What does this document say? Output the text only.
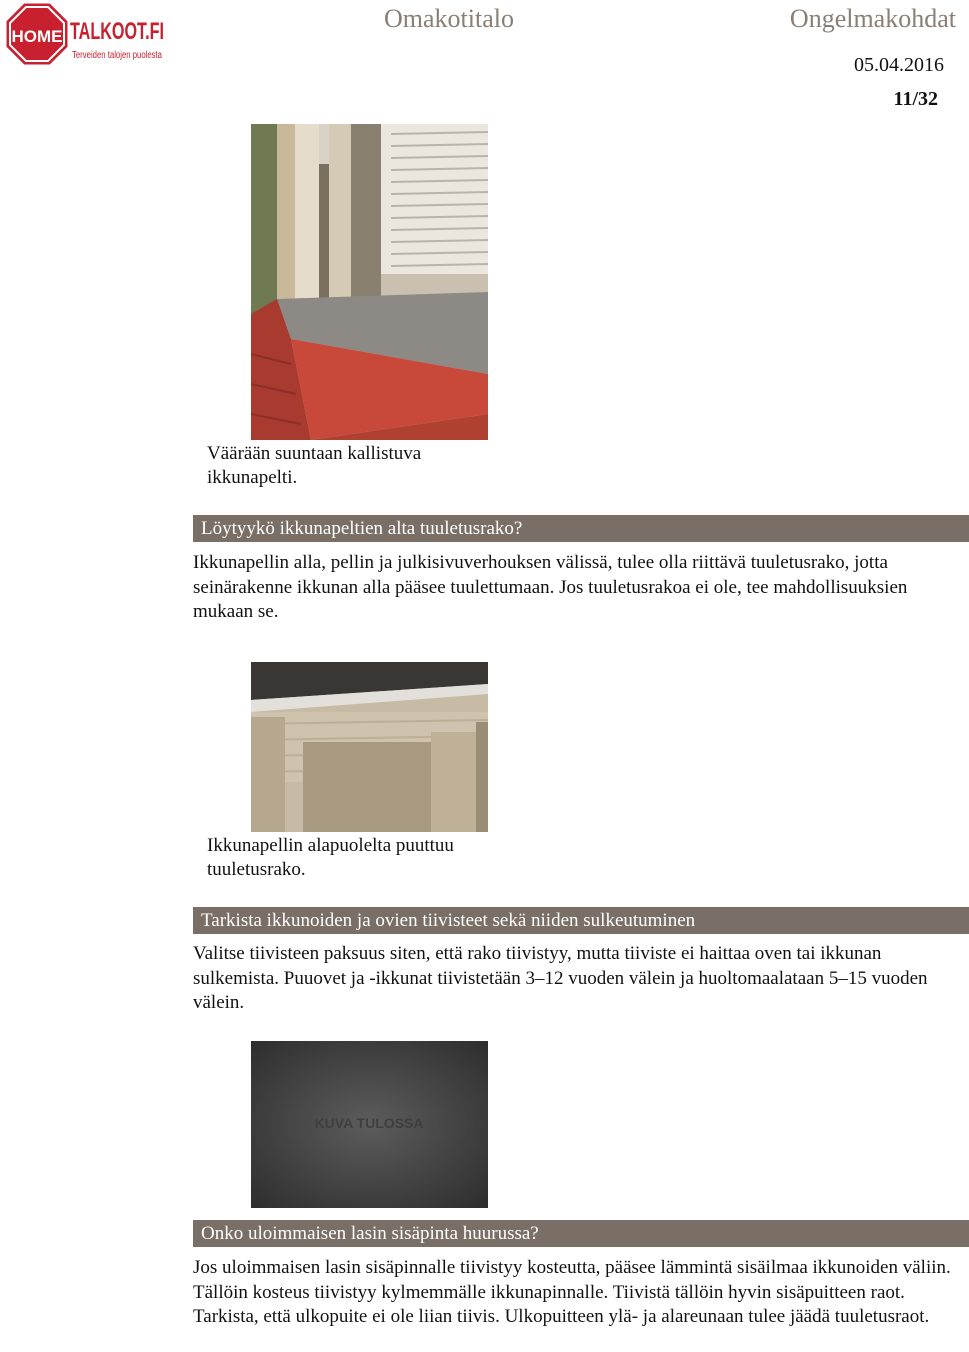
HOME TALKOOT.FI
Terveiden talojen puolesta
Omakotitalo	Ongelmakohdat
05.04.2016
11/32
Väärään suuntaan kallistuva ikkunapelti.
Löytyykö ikkunapeltien alta tuuletusrako?
Ikkunapellin alla, pellin ja julkisivuverhouksen välissä, tulee olla riittävä tuuletusrako, jotta seinärakenne ikkunan alla pääsee tuulettumaan. Jos tuuletusrakoa ei ole, tee mahdollisuuksien mukaan se.
Ikkunapellin alapuolelta puuttuu tuuletusrako.
Tarkista ikkunoiden ja ovien tiivisteet sekä niiden sulkeutuminen
Valitse tiivisteen paksuus siten, että rako tiivistyy, mutta tiiviste ei haittaa oven tai ikkunan sulkemista. Puuovet ja -ikkunat tiivistetään 3–12 vuoden välein ja huoltomaalataan 5–15 vuoden välein.
KUVA TULOSSA
Onko uloimmaisen lasin sisäpinta huurussa?
Jos uloimmaisen lasin sisäpinnalle tiivistyy kosteutta, pääsee lämmintä sisäilmaa ikkunoiden väliin. Tällöin kosteus tiivistyy kylmemmälle ikkunapinnalle. Tiivistä tällöin hyvin sisäpuitteen raot. Tarkista, että ulkopuite ei ole liian tiivis. Ulkopuitteen ylä- ja alareunaan tulee jäädä tuuletusraot.
